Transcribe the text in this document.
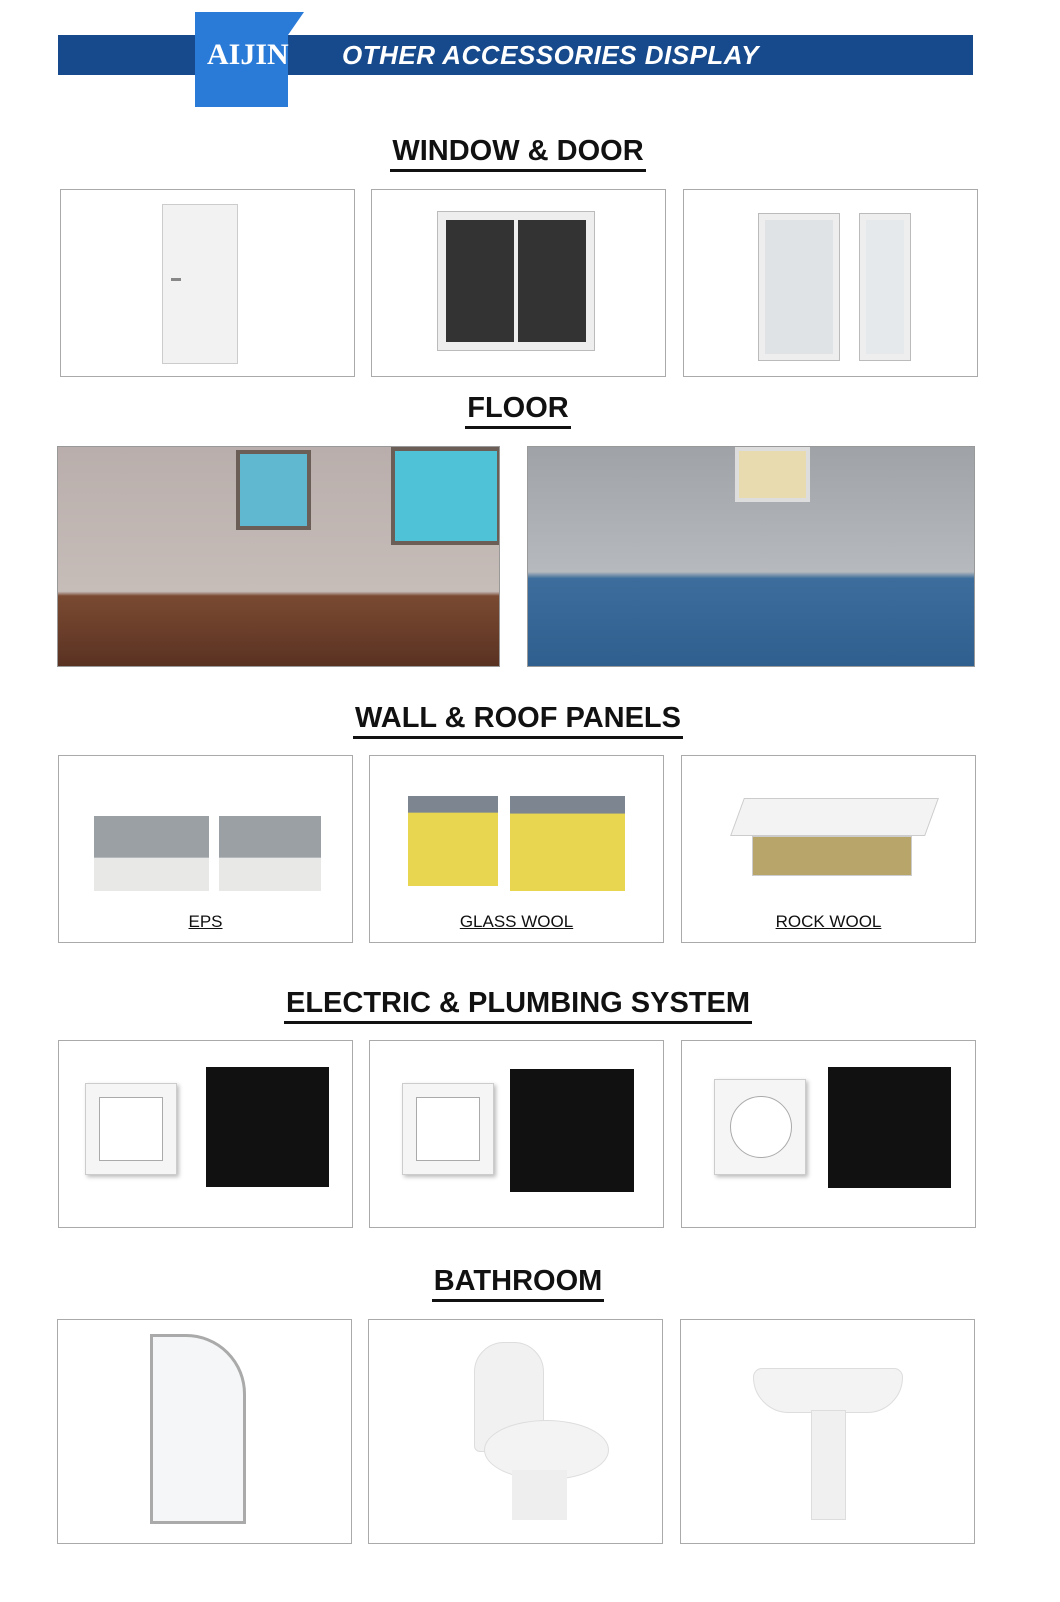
OTHER ACCESSORIES DISPLAY
AIJIN
WINDOW & DOOR
FLOOR
WALL & ROOF PANELS
EPS	GLASS WOOL	ROCK WOOL
ELECTRIC & PLUMBING SYSTEM
BATHROOM
